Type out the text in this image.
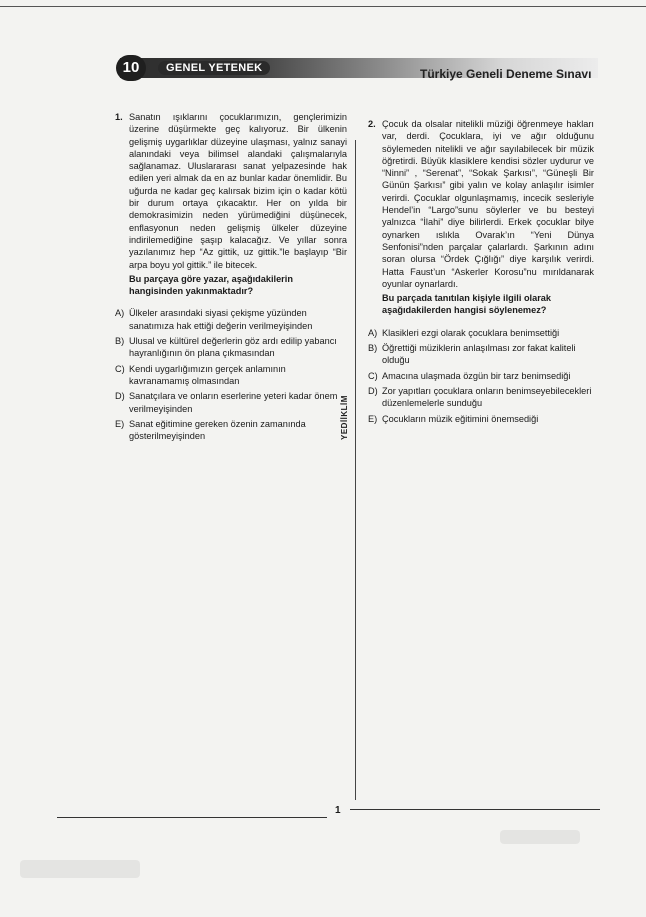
10	GENEL YETENEK	Türkiye Geneli Deneme Sınavı
1. Sanatın ışıklarını çocuklarımızın, gençlerimizin üzerine düşürmekte geç kalıyoruz. Bir ülkenin gelişmiş uygarlıklar düzeyine ulaşması, yalnız sanayi alanındaki veya bilimsel alandaki çalışmalarıyla sağlanamaz. Uluslararası sanat yelpazesinde hak edilen yeri almak da en az bunlar kadar önemlidir. Bu uğurda ne kadar geç kalırsak bizim için o kadar kötü bir durum ortaya çıkacaktır. Her on yılda bir demokrasimizin neden yürümediğini düşünecek, enflasyonun neden gelişmiş ülkeler düzeyine indirilemediğine şaşıp kalacağız. Ve yıllar sonra yazılanımız hep “Az gittik, uz gittik.”le başlayıp “Bir arpa boyu yol gittik.” ile bitecek.
Bu parçaya göre yazar, aşağıdakilerin hangisinden yakınmaktadır?
A) Ülkeler arasındaki siyasi çekişme yüzünden sanatımıza hak ettiği değerin verilmeyişinden
B) Ulusal ve kültürel değerlerin göz ardı edilip yabancı hayranlığının ön plana çıkmasından
C) Kendi uygarlığımızın gerçek anlamının kavranamamış olmasından
D) Sanatçılara ve onların eserlerine yeteri kadar önem verilmeyişinden
E) Sanat eğitimine gereken özenin zamanında gösterilmeyişinden	YEDİİKLİM
2. Çocuk da olsalar nitelikli müziği öğrenmeye hakları var, derdi. Çocuklara, iyi ve ağır olduğunu söylemeden nitelikli ve ağır sayılabilecek bir müzik öğretirdi. Büyük klasiklere kendisi sözler uydurur ve “Ninni” , “Serenat”, “Sokak Şarkısı”, “Güneşli Bir Günün Şarkısı” gibi yalın ve kolay anlaşılır isimler verirdi. Çocuklar olgunlaşmamış, incecik sesleriyle Hendel’in “Largo”sunu söylerler ve bu besteyi yalnızca “İlahi” diye bilirlerdi. Erkek çocuklar bilye oynarken ıslıkla Ovarak’ın “Yeni Dünya Senfonisi”nden parçalar çalarlardı. Şarkının adını soran olursa “Ördek Çığlığı” diye karşılık verirdi. Hatta Faust’un “Askerler Korosu”nu mırıldanarak oyunlar oynarlardı.
Bu parçada tanıtılan kişiyle ilgili olarak aşağıdakilerden hangisi söylenemez?
A) Klasikleri ezgi olarak çocuklara benimsettiği
B) Öğrettiği müziklerin anlaşılması zor fakat kaliteli olduğu
C) Amacına ulaşmada özgün bir tarz benimsediği
D) Zor yapıtları çocuklara onların benimseyebilecekleri düzenlemelerle sunduğu
E) Çocukların müzik eğitimini önemsediği
1
